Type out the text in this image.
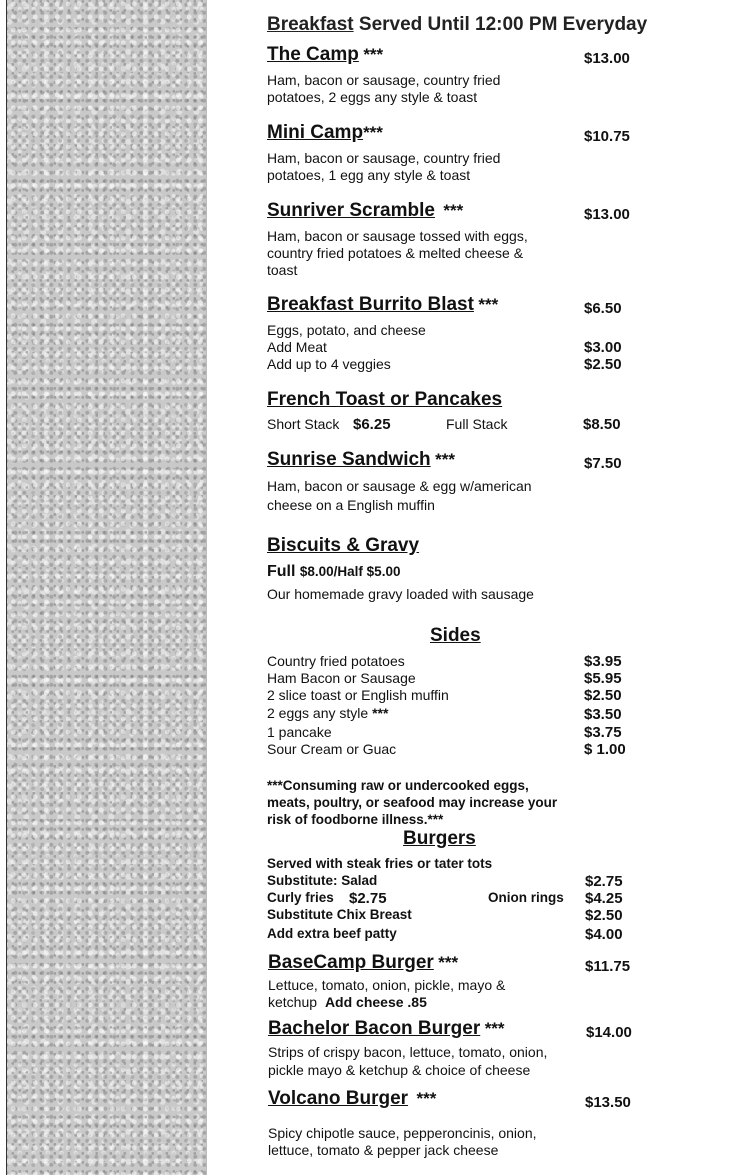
Breakfast Served Until 12:00 PM Everyday
The Camp ***	$13.00
Ham, bacon or sausage, country fried potatoes, 2 eggs any style & toast
Mini Camp***	$10.75
Ham, bacon or sausage, country fried potatoes, 1 egg any style & toast
Sunriver Scramble ***	$13.00
Ham, bacon or sausage tossed with eggs, country fried potatoes & melted cheese & toast
Breakfast Burrito Blast ***	$6.50
Eggs, potato, and cheese
Add Meat	$3.00
Add up to 4 veggies	$2.50
French Toast or Pancakes
Short Stack $6.25	Full Stack	$8.50
Sunrise Sandwich ***	$7.50
Ham, bacon or sausage & egg w/american cheese on a English muffin
Biscuits & Gravy
Full $8.00/Half $5.00
Our homemade gravy loaded with sausage
Sides
Country fried potatoes	$3.95
Ham Bacon or Sausage	$5.95
2 slice toast or English muffin	$2.50
2 eggs any style ***	$3.50
1 pancake	$3.75
Sour Cream or Guac	$ 1.00
***Consuming raw or undercooked eggs, meats, poultry, or seafood may increase your risk of foodborne illness.***
Burgers
Served with steak fries or tater tots
Substitute: Salad	$2.75
Curly fries $2.75	Onion rings $4.25
Substitute Chix Breast	$2.50
Add extra beef patty	$4.00
BaseCamp Burger ***	$11.75
Lettuce, tomato, onion, pickle, mayo & ketchup Add cheese .85
Bachelor Bacon Burger ***	$14.00
Strips of crispy bacon, lettuce, tomato, onion, pickle mayo & ketchup & choice of cheese
Volcano Burger ***	$13.50
Spicy chipotle sauce, pepperoncinis, onion, lettuce, tomato & pepper jack cheese
